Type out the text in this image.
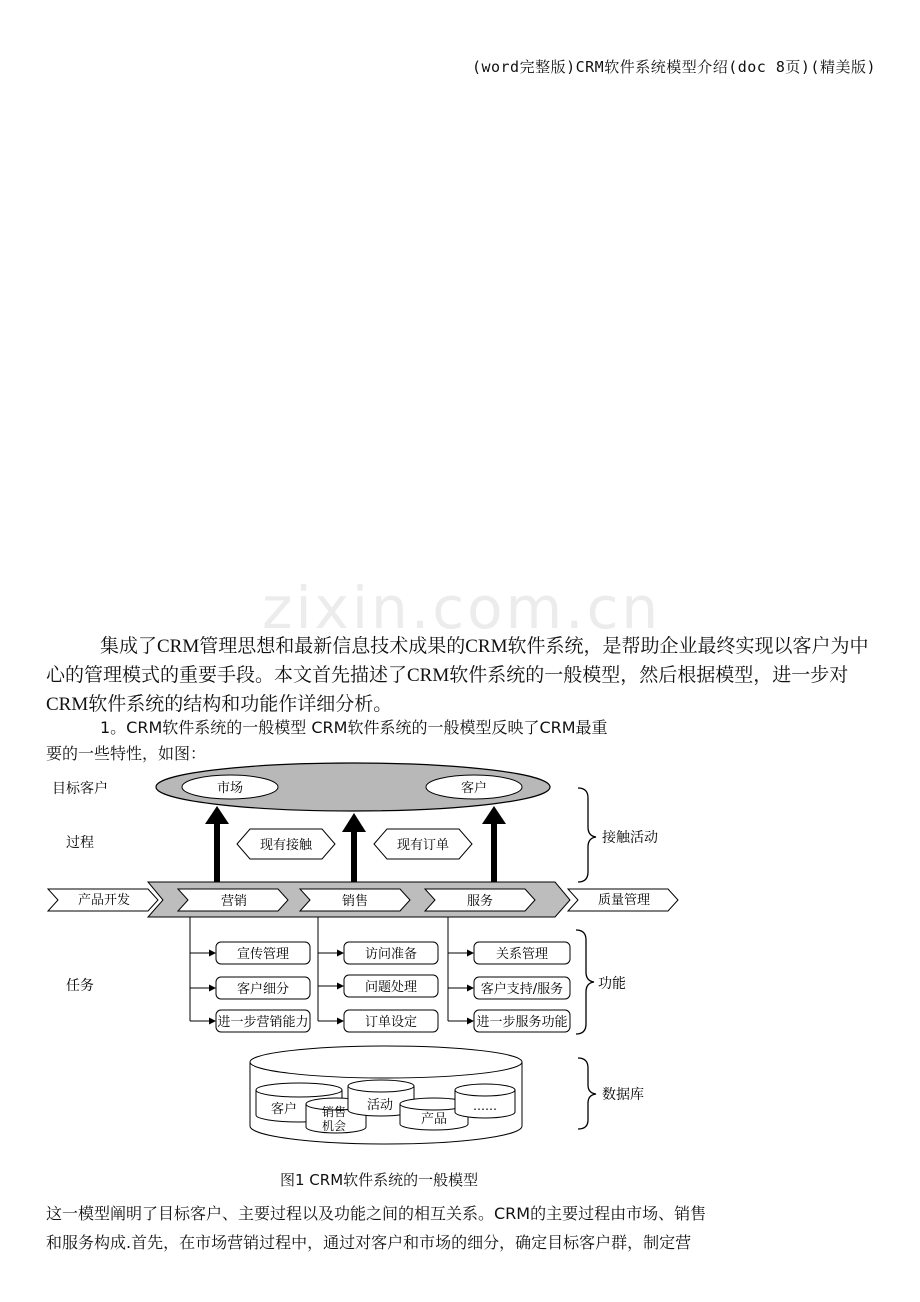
(word完整版)CRM软件系统模型介绍(doc 8页)(精美版)
zixin.com.cn
集成了CRM管理思想和最新信息技术成果的CRM软件系统，是帮助企业最终实现以客户为中心的管理模式的重要手段。本文首先描述了CRM软件系统的一般模型，然后根据模型，进一步对CRM软件系统的结构和功能作详细分析。
1。CRM软件系统的一般模型 CRM软件系统的一般模型反映了CRM最重
要的一些特性，如图：
目标客户
过程
任务
市场	客户
现有接触	现有订单
营销	销售	服务
产品开发	质量管理
宣传管理
客户细分
进一步营销能力
访问准备
问题处理
订单设定
关系管理
客户支持/服务
进一步服务功能
客户 销售
机会
活动
产品
……
接触活动
功能
数据库
图1 CRM软件系统的一般模型
这一模型阐明了目标客户、主要过程以及功能之间的相互关系。CRM的主要过程由市场、销售
和服务构成.首先，在市场营销过程中，通过对客户和市场的细分，确定目标客户群，制定营
